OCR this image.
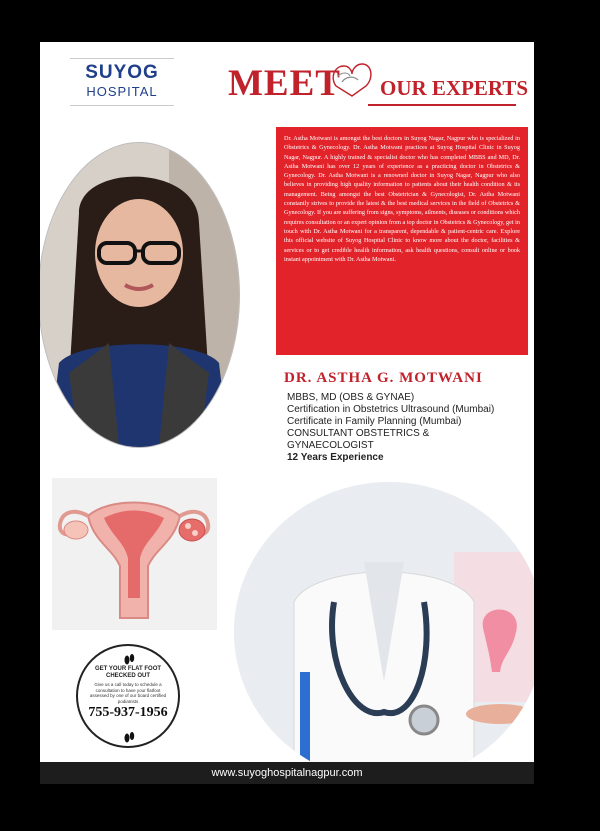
SUYOG
HOSPITAL	MEET OUR EXPERTS

Dr. Astha Motwani is amongst the best doctors in Suyog Nagar, Nagpur who is specialized in Obstetrics & Gynecology. Dr. Astha Motwani practices at Suyog Hospital Clinic in Suyog Nagar, Nagpur. A highly trained & specialist doctor who has completed MBBS and MD, Dr. Astha Motwani has over 12 years of experience as a practicing doctor in Obstetrics & Gynecology. Dr. Astha Motwani is a renowned doctor in Suyog Nagar, Nagpur who also believes in providing high quality information to patients about their health condition & its management. Being amongst the best Obstetrician & Gynecologist, Dr. Astha Motwani constantly strives to provide the latest & the best medical services in the field of Obstetrics & Gynecology. If you are suffering from signs, symptoms, ailments, diseases or conditions which requires consultation or an expert opinion from a top doctor in Obstetrics & Gynecology, get in touch with Dr. Astha Motwani for a transparent, dependable & patient-centric care. Explore this official website of Suyog Hospital Clinic to know more about the doctor, facilities & services or to get credible health information, ask health questions, consult online or book instant appointment with Dr. Astha Motwani.

DR. ASTHA G. MOTWANI
MBBS, MD (OBS & GYNAE)
Certification in Obstetrics Ultrasound (Mumbai)
Certificate in Family Planning (Mumbai)
CONSULTANT OBSTETRICS &
GYNAECOLOGIST
12 Years Experience
GET YOUR FLAT FOOT
CHECKED OUT
Give us a call today to schedule a consultation to have your flatfoot assessed by one of our board certified podiatrists
755-937-1956
www.suyoghospitalnagpur.com
